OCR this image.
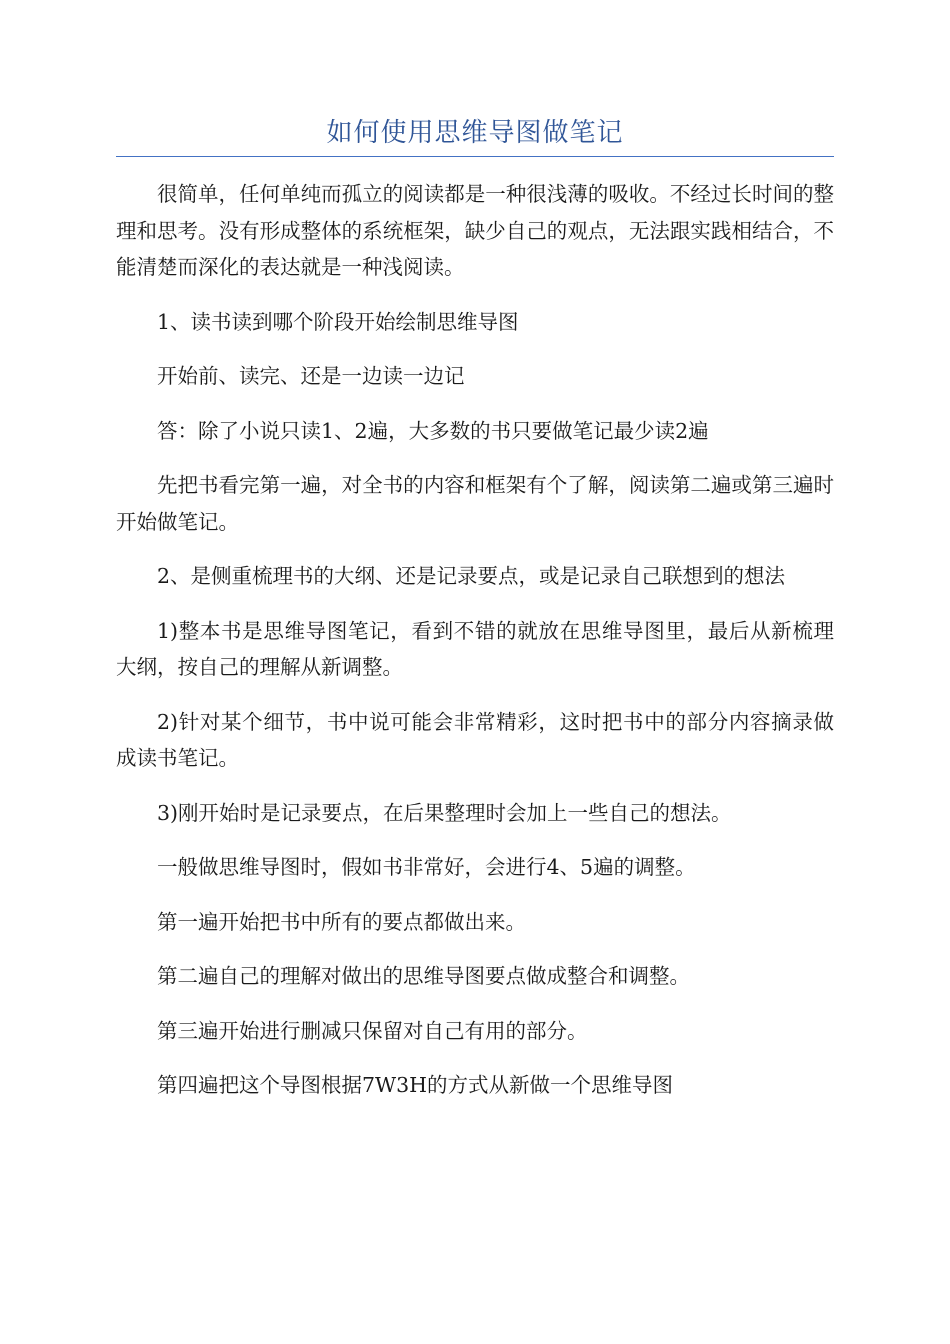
如何使用思维导图做笔记

很简单，任何单纯而孤立的阅读都是一种很浅薄的吸收。不经过长时间的整理和思考。没有形成整体的系统框架，缺少自己的观点，无法跟实践相结合，不能清楚而深化的表达就是一种浅阅读。

1、读书读到哪个阶段开始绘制思维导图

开始前、读完、还是一边读一边记

答：除了小说只读1、2遍，大多数的书只要做笔记最少读2遍

先把书看完第一遍，对全书的内容和框架有个了解，阅读第二遍或第三遍时开始做笔记。

2、是侧重梳理书的大纲、还是记录要点，或是记录自己联想到的想法

1)整本书是思维导图笔记，看到不错的就放在思维导图里，最后从新梳理大纲，按自己的理解从新调整。

2)针对某个细节，书中说可能会非常精彩，这时把书中的部分内容摘录做成读书笔记。

3)刚开始时是记录要点，在后果整理时会加上一些自己的想法。

一般做思维导图时，假如书非常好，会进行4、5遍的调整。

第一遍开始把书中所有的要点都做出来。

第二遍自己的理解对做出的思维导图要点做成整合和调整。

第三遍开始进行删减只保留对自己有用的部分。

第四遍把这个导图根据7W3H的方式从新做一个思维导图
